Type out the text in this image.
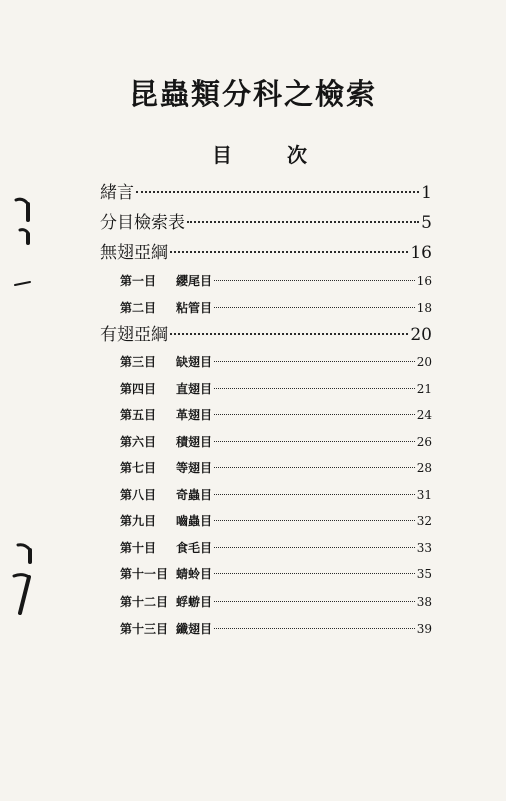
昆蟲類分科之檢索
目 次
緒言	1
分目檢索表	5
無翅亞綱	16
第一目 纓尾目	16
第二目 粘管目	18
有翅亞綱	20
第三目 缺翅目	20
第四目 直翅目	21
第五目 革翅目	24
第六目 積翅目	26
第七目 等翅目	28
第八目 奇蟲目	31
第九目 嚙蟲目	32
第十目 食毛目	33
第十一目 蜻蛉目	35
第十二目 蜉蝣目	38
第十三目 纖翅目	39
